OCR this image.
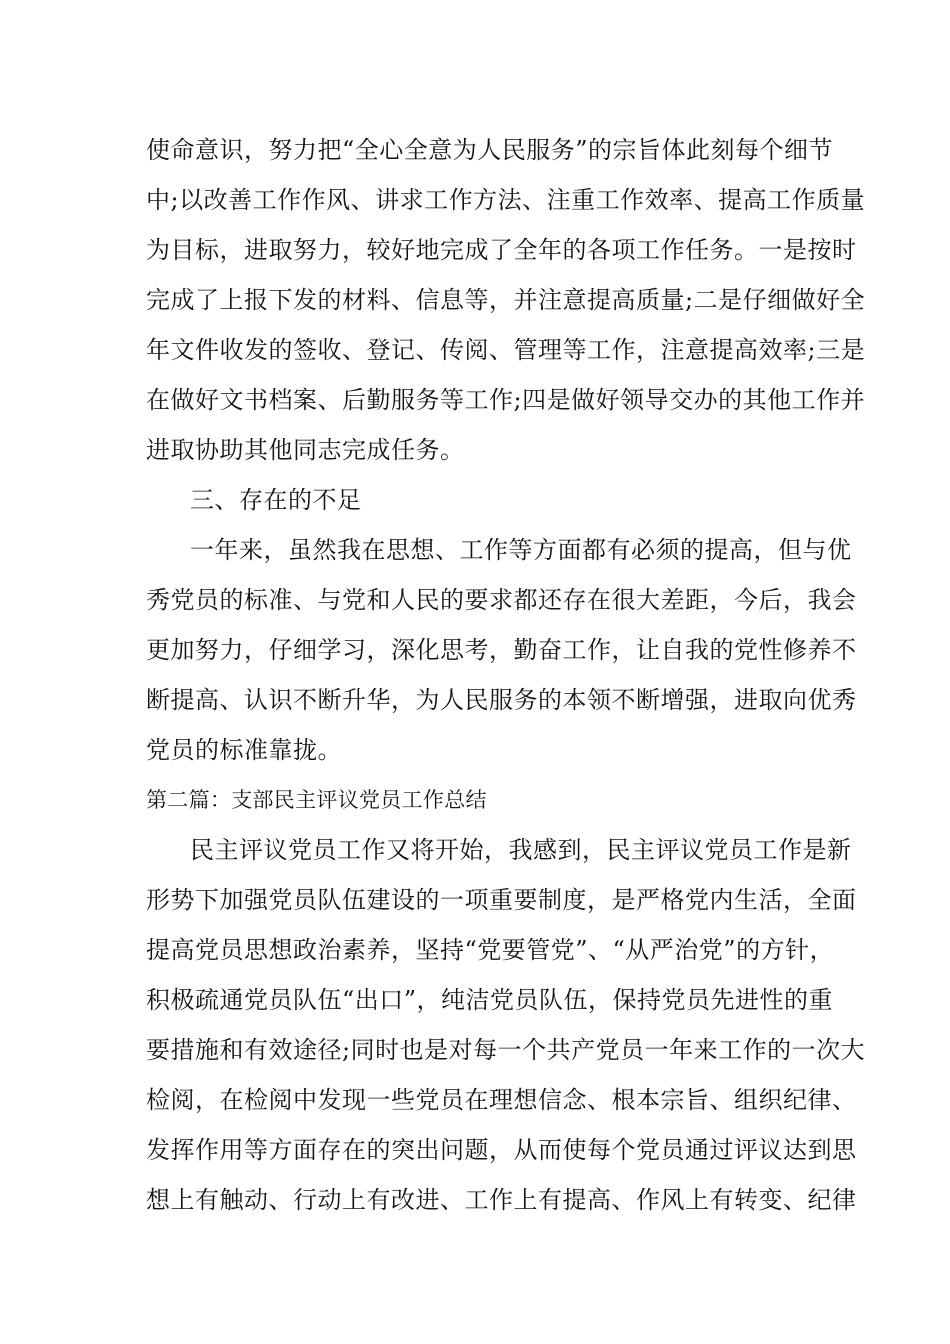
使命意识，努力把“全心全意为人民服务”的宗旨体此刻每个细节
中;以改善工作作风、讲求工作方法、注重工作效率、提高工作质量
为目标，进取努力，较好地完成了全年的各项工作任务。一是按时
完成了上报下发的材料、信息等，并注意提高质量;二是仔细做好全
年文件收发的签收、登记、传阅、管理等工作，注意提高效率;三是
在做好文书档案、后勤服务等工作;四是做好领导交办的其他工作并
进取协助其他同志完成任务。
三、存在的不足
一年来，虽然我在思想、工作等方面都有必须的提高，但与优
秀党员的标准、与党和人民的要求都还存在很大差距，今后，我会
更加努力，仔细学习，深化思考，勤奋工作，让自我的党性修养不
断提高、认识不断升华，为人民服务的本领不断增强，进取向优秀
党员的标准靠拢。
第二篇：支部民主评议党员工作总结
民主评议党员工作又将开始，我感到，民主评议党员工作是新
形势下加强党员队伍建设的一项重要制度，是严格党内生活，全面
提高党员思想政治素养，坚持“党要管党”、“从严治党”的方针，
积极疏通党员队伍“出口”，纯洁党员队伍，保持党员先进性的重
要措施和有效途径;同时也是对每一个共产党员一年来工作的一次大
检阅，在检阅中发现一些党员在理想信念、根本宗旨、组织纪律、
发挥作用等方面存在的突出问题，从而使每个党员通过评议达到思
想上有触动、行动上有改进、工作上有提高、作风上有转变、纪律
